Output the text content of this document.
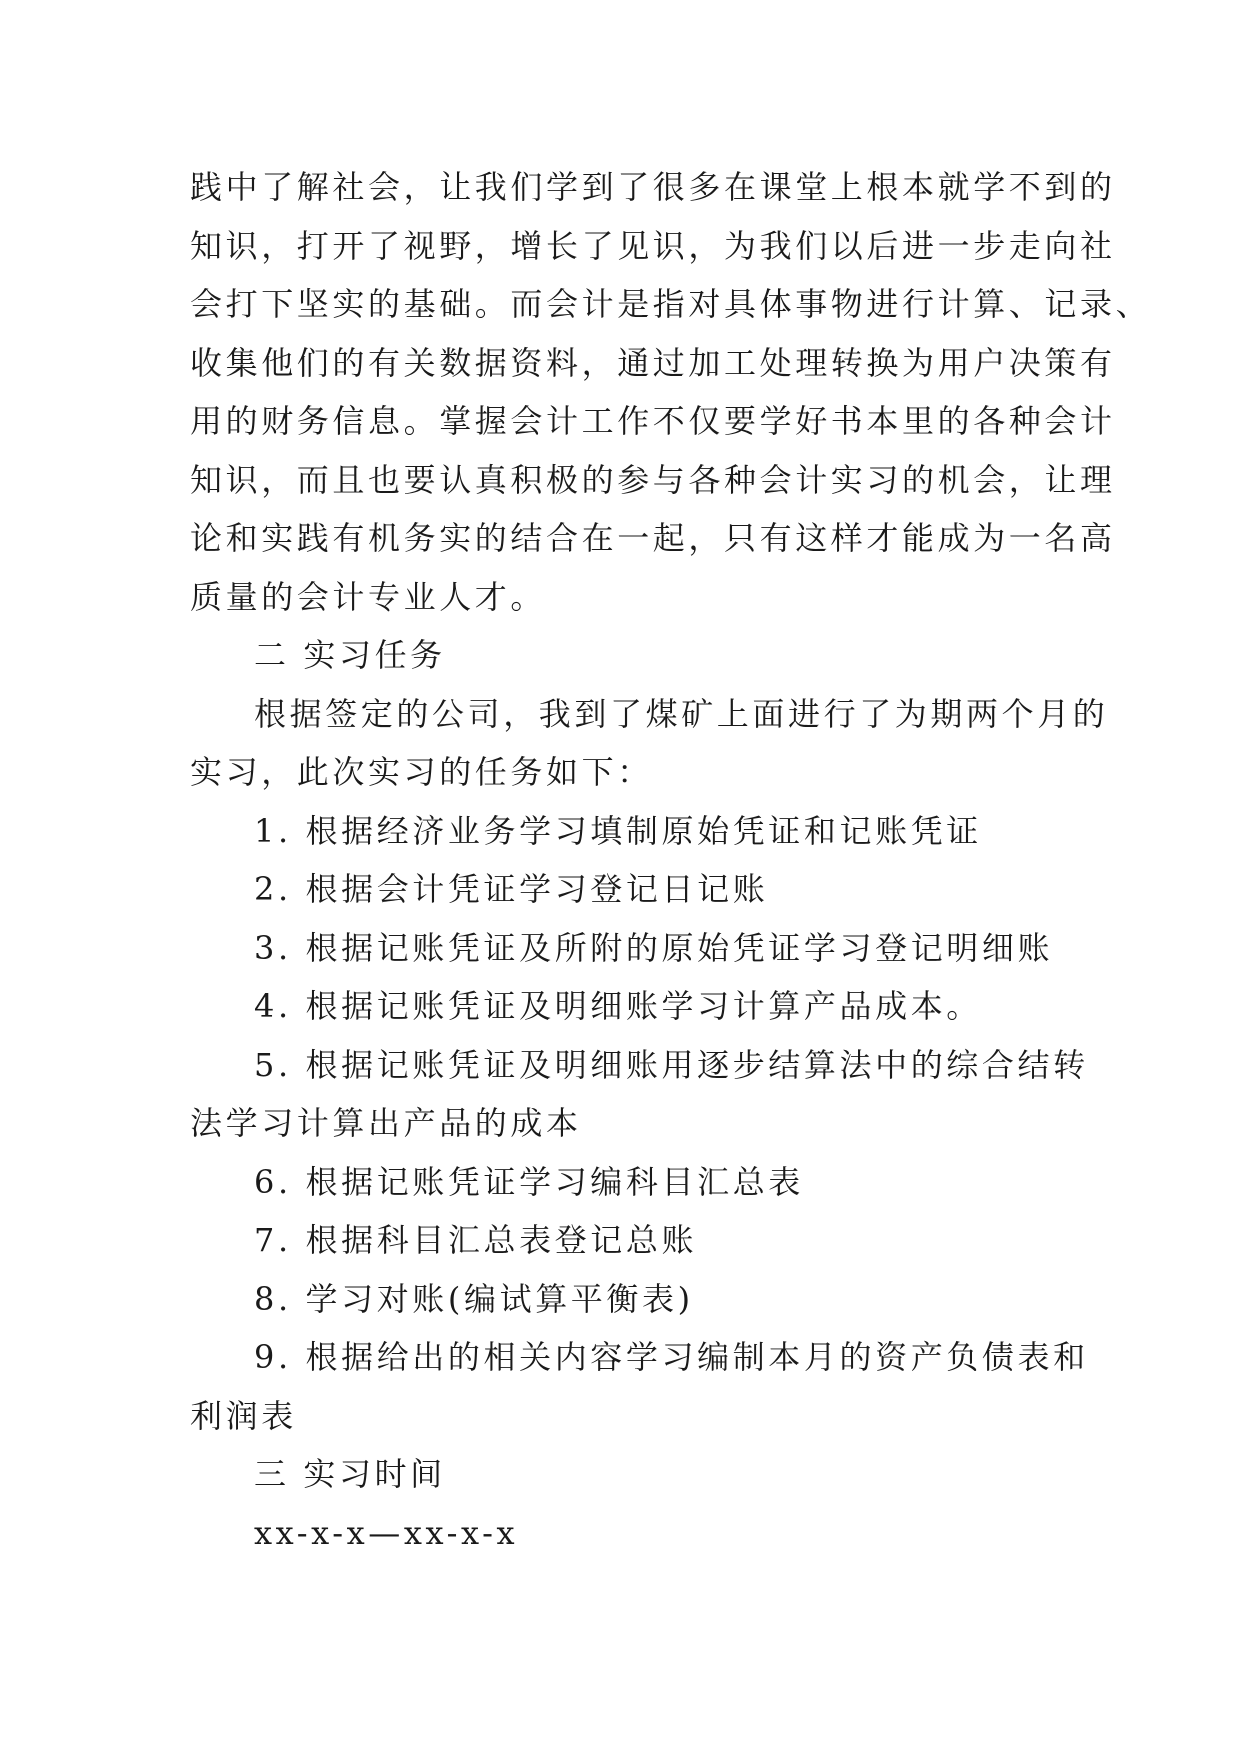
践中了解社会，让我们学到了很多在课堂上根本就学不到的
知识，打开了视野，增长了见识，为我们以后进一步走向社
会打下坚实的基础。而会计是指对具体事物进行计算、记录、
收集他们的有关数据资料，通过加工处理转换为用户决策有
用的财务信息。掌握会计工作不仅要学好书本里的各种会计
知识，而且也要认真积极的参与各种会计实习的机会，让理
论和实践有机务实的结合在一起，只有这样才能成为一名高
质量的会计专业人才。

二 实习任务

根据签定的公司，我到了煤矿上面进行了为期两个月的
实习，此次实习的任务如下：

1. 根据经济业务学习填制原始凭证和记账凭证

2. 根据会计凭证学习登记日记账

3. 根据记账凭证及所附的原始凭证学习登记明细账

4. 根据记账凭证及明细账学习计算产品成本。

5. 根据记账凭证及明细账用逐步结算法中的综合结转
法学习计算出产品的成本

6. 根据记账凭证学习编科目汇总表

7. 根据科目汇总表登记总账

8. 学习对账(编试算平衡表)

9. 根据给出的相关内容学习编制本月的资产负债表和
利润表

三 实习时间

xx-x-x—xx-x-x
